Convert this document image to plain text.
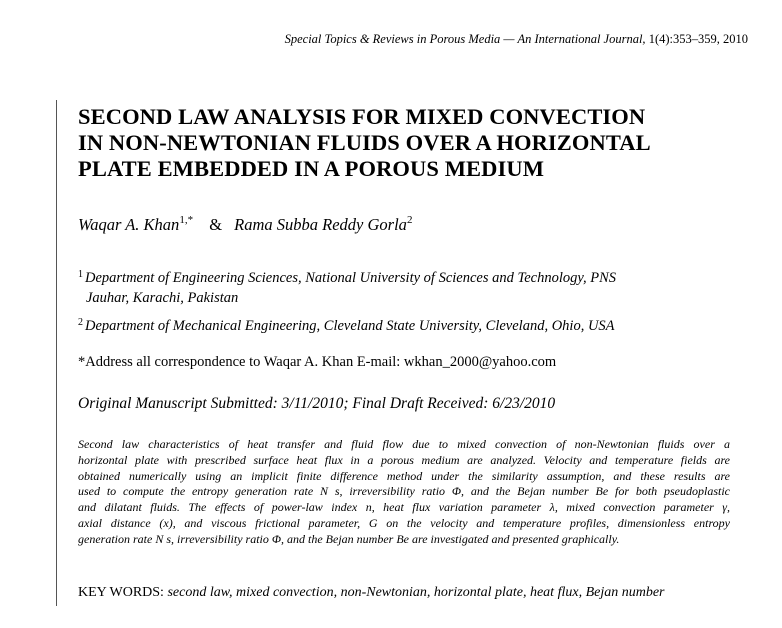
Special Topics & Reviews in Porous Media — An International Journal, 1(4):353–359, 2010
SECOND LAW ANALYSIS FOR MIXED CONVECTION
IN NON-NEWTONIAN FLUIDS OVER A HORIZONTAL
PLATE EMBEDDED IN A POROUS MEDIUM
Waqar A. Khan$^{1,*}$ & Rama Subba Reddy Gorla$^2$
$^1$ Department of Engineering Sciences, National University of Sciences and Technology, PNS
Jauhar, Karachi, Pakistan
$^2$ Department of Mechanical Engineering, Cleveland State University, Cleveland, Ohio, USA
*Address all correspondence to Waqar A. Khan E-mail: wkhan_2000@yahoo.com
Original Manuscript Submitted: 3/11/2010; Final Draft Received: 6/23/2010
Second law characteristics of heat transfer and fluid flow due to mixed convection of non-Newtonian fluids over a
horizontal plate with prescribed surface heat flux in a porous medium are analyzed. Velocity and temperature fields are
obtained numerically using an implicit finite difference method under the similarity assumption, and these results are
used to compute the entropy generation rate N s, irreversibility ratio Φ, and the Bejan number Be for both pseudoplastic
and dilatant fluids. The effects of power-law index n, heat flux variation parameter λ, mixed convection parameter γ,
axial distance (x), and viscous frictional parameter, G on the velocity and temperature profiles, dimensionless entropy
generation rate N s, irreversibility ratio Φ, and the Bejan number Be are investigated and presented graphically.
KEY WORDS: second law, mixed convection, non-Newtonian, horizontal plate, heat flux, Bejan number
